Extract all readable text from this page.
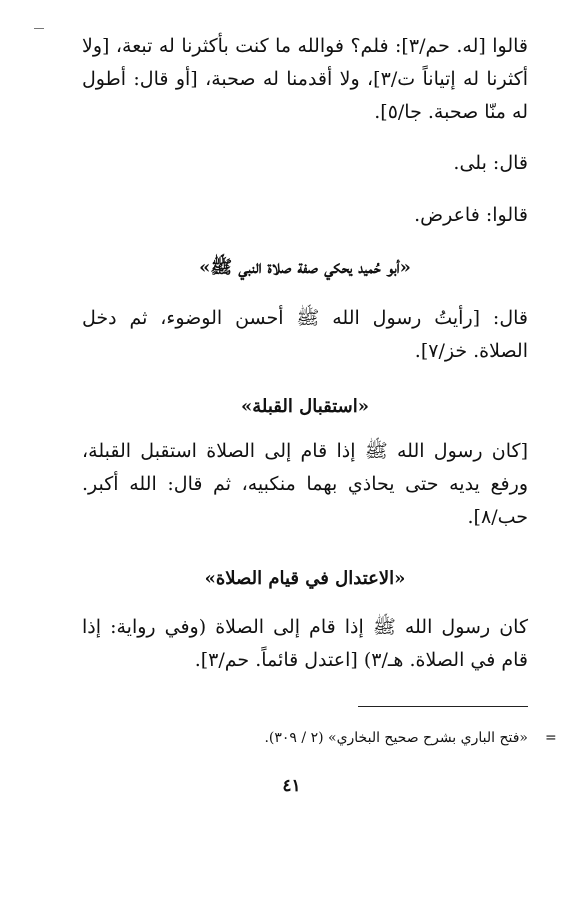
قالوا [له. حم/٣]: فلم؟ فوالله ما كنت بأكثرنا له تبعة، [ولا أكثرنا له إتياناً ت/٣]، ولا أقدمنا له صحبة، [أو قال: أطول له منّا صحبة. جا/٥].

قال: بلى.

قالوا: فاعرض.

«أبو حُميد يحكي صفة صلاة النبي ﷺ»

قال: [رأيتُ رسول الله ﷺ أحسن الوضوء، ثم دخل الصلاة. خز/٧].

«استقبال القبلة»

[كان رسول الله ﷺ إذا قام إلى الصلاة استقبل القبلة، ورفع يديه حتى يحاذي بهما منكبيه، ثم قال: الله أكبر. حب/٨].

«الاعتدال في قيام الصلاة»

كان رسول الله ﷺ إذا قام إلى الصلاة (وفي رواية: إذا قام في الصلاة. هـ/٣) [اعتدل قائماً. حم/٣].

=

«فتح الباري بشرح صحيح البخاري» (٢ / ٣٠٩).

٤١
